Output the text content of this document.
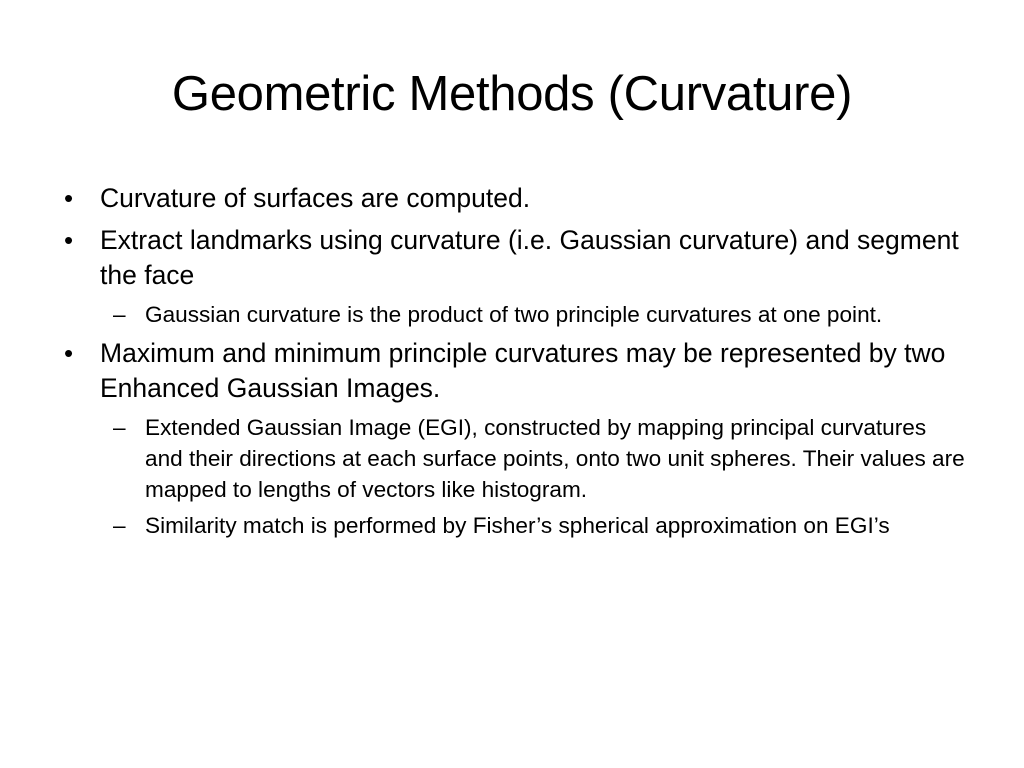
Geometric Methods (Curvature)
• Curvature of surfaces are computed.
• Extract landmarks using curvature (i.e. Gaussian curvature) and segment the face
– Gaussian curvature is the product of two principle curvatures at one point.
• Maximum and minimum principle curvatures may be represented by two Enhanced Gaussian Images.
– Extended Gaussian Image (EGI), constructed by mapping principal curvatures and their directions at each surface points, onto two unit spheres. Their values are mapped to lengths of vectors like histogram.
– Similarity match is performed by Fisher’s spherical approximation on EGI’s
